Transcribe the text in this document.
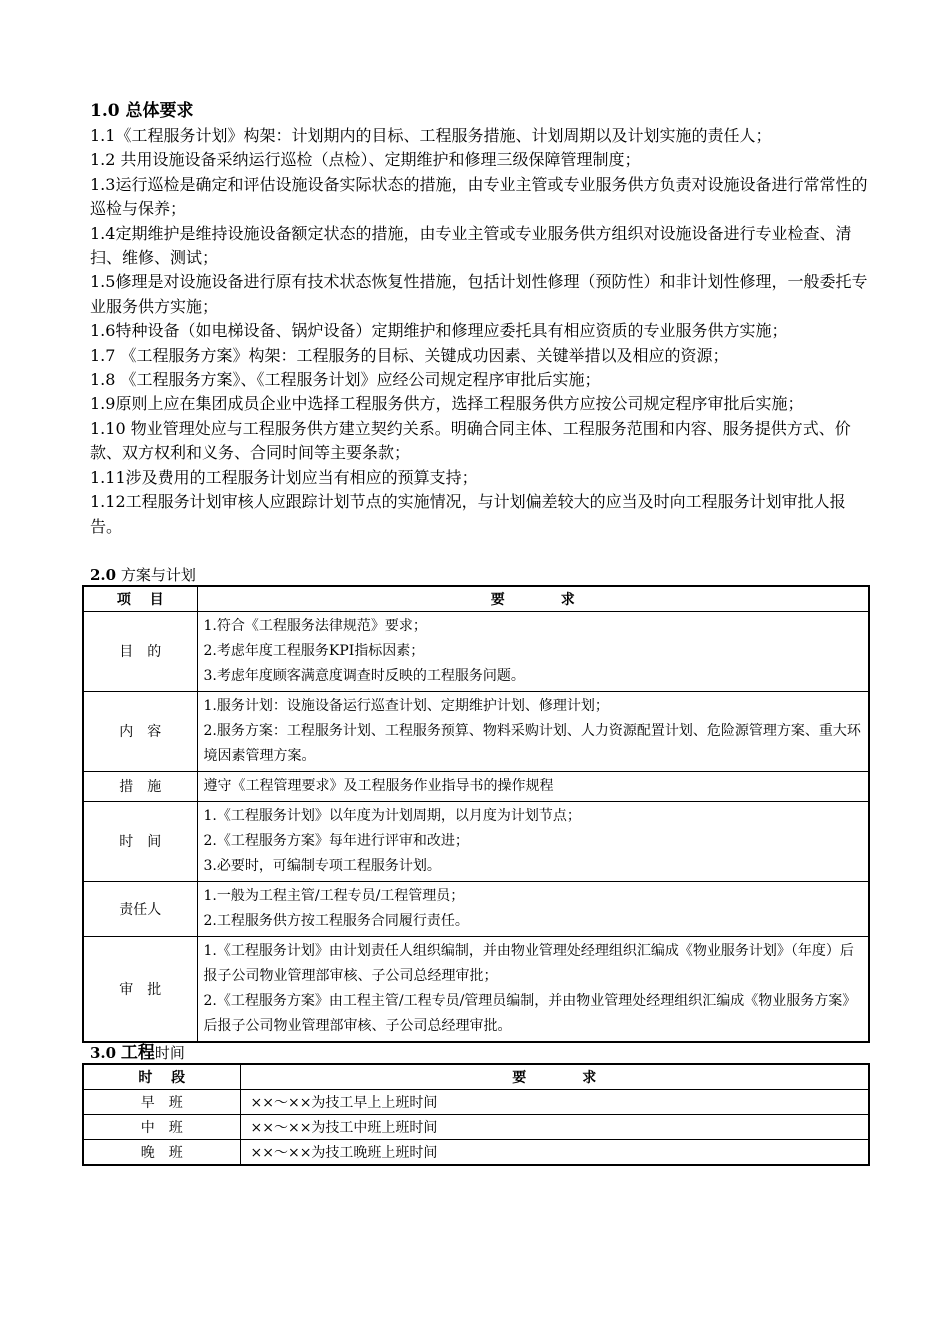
1.0 总体要求

1.1《工程服务计划》构架：计划期内的目标、工程服务措施、计划周期以及计划实施的责任人；

1.2 共用设施设备采纳运行巡检（点检）、定期维护和修理三级保障管理制度；

1.3运行巡检是确定和评估设施设备实际状态的措施，由专业主管或专业服务供方负责对设施设备进行常常性的巡检与保养；

1.4定期维护是维持设施设备额定状态的措施，由专业主管或专业服务供方组织对设施设备进行专业检查、清扫、维修、测试；

1.5修理是对设施设备进行原有技术状态恢复性措施，包括计划性修理（预防性）和非计划性修理，一般委托专业服务供方实施；

1.6特种设备（如电梯设备、锅炉设备）定期维护和修理应委托具有相应资质的专业服务供方实施；

1.7 《工程服务方案》构架：工程服务的目标、关键成功因素、关键举措以及相应的资源；

1.8 《工程服务方案》、《工程服务计划》应经公司规定程序审批后实施；

1.9原则上应在集团成员企业中选择工程服务供方，选择工程服务供方应按公司规定程序审批后实施；

1.10 物业管理处应与工程服务供方建立契约关系。明确合同主体、工程服务范围和内容、服务提供方式、价款、双方权利和义务、合同时间等主要条款；

1.11涉及费用的工程服务计划应当有相应的预算支持；

1.12工程服务计划审核人应跟踪计划节点的实施情况，与计划偏差较大的应当及时向工程服务计划审批人报告。

2.0 方案与计划

项　 目	要　　　　求
目　的	1.符合《工程服务法律规范》要求；
2.考虑年度工程服务KPI指标因素；
3.考虑年度顾客满意度调查时反映的工程服务问题。

内　容	1.服务计划：设施设备运行巡查计划、定期维护计划、修理计划；
2.服务方案：工程服务计划、工程服务预算、物料采购计划、人力资源配置计划、危险源管理方案、重大环境因素管理方案。

措　施	遵守《工程管理要求》及工程服务作业指导书的操作规程

时　间	1.《工程服务计划》以年度为计划周期，以月度为计划节点；
2.《工程服务方案》每年进行评审和改进；
3.必要时，可编制专项工程服务计划。

责任人	1.一般为工程主管/工程专员/工程管理员；
2.工程服务供方按工程服务合同履行责任。

审　批	1.《工程服务计划》由计划责任人组织编制，并由物业管理处经理组织汇编成《物业服务计划》（年度）后报子公司物业管理部审核、子公司总经理审批；
2.《工程服务方案》由工程主管/工程专员/管理员编制，并由物业管理处经理组织汇编成《物业服务方案》后报子公司物业管理部审核、子公司总经理审批。

3.0 工程时间

时　 段	要　　　　求
早　班	××～××为技工早上上班时间
中　班	××～××为技工中班上班时间
晚　班	××～××为技工晚班上班时间
